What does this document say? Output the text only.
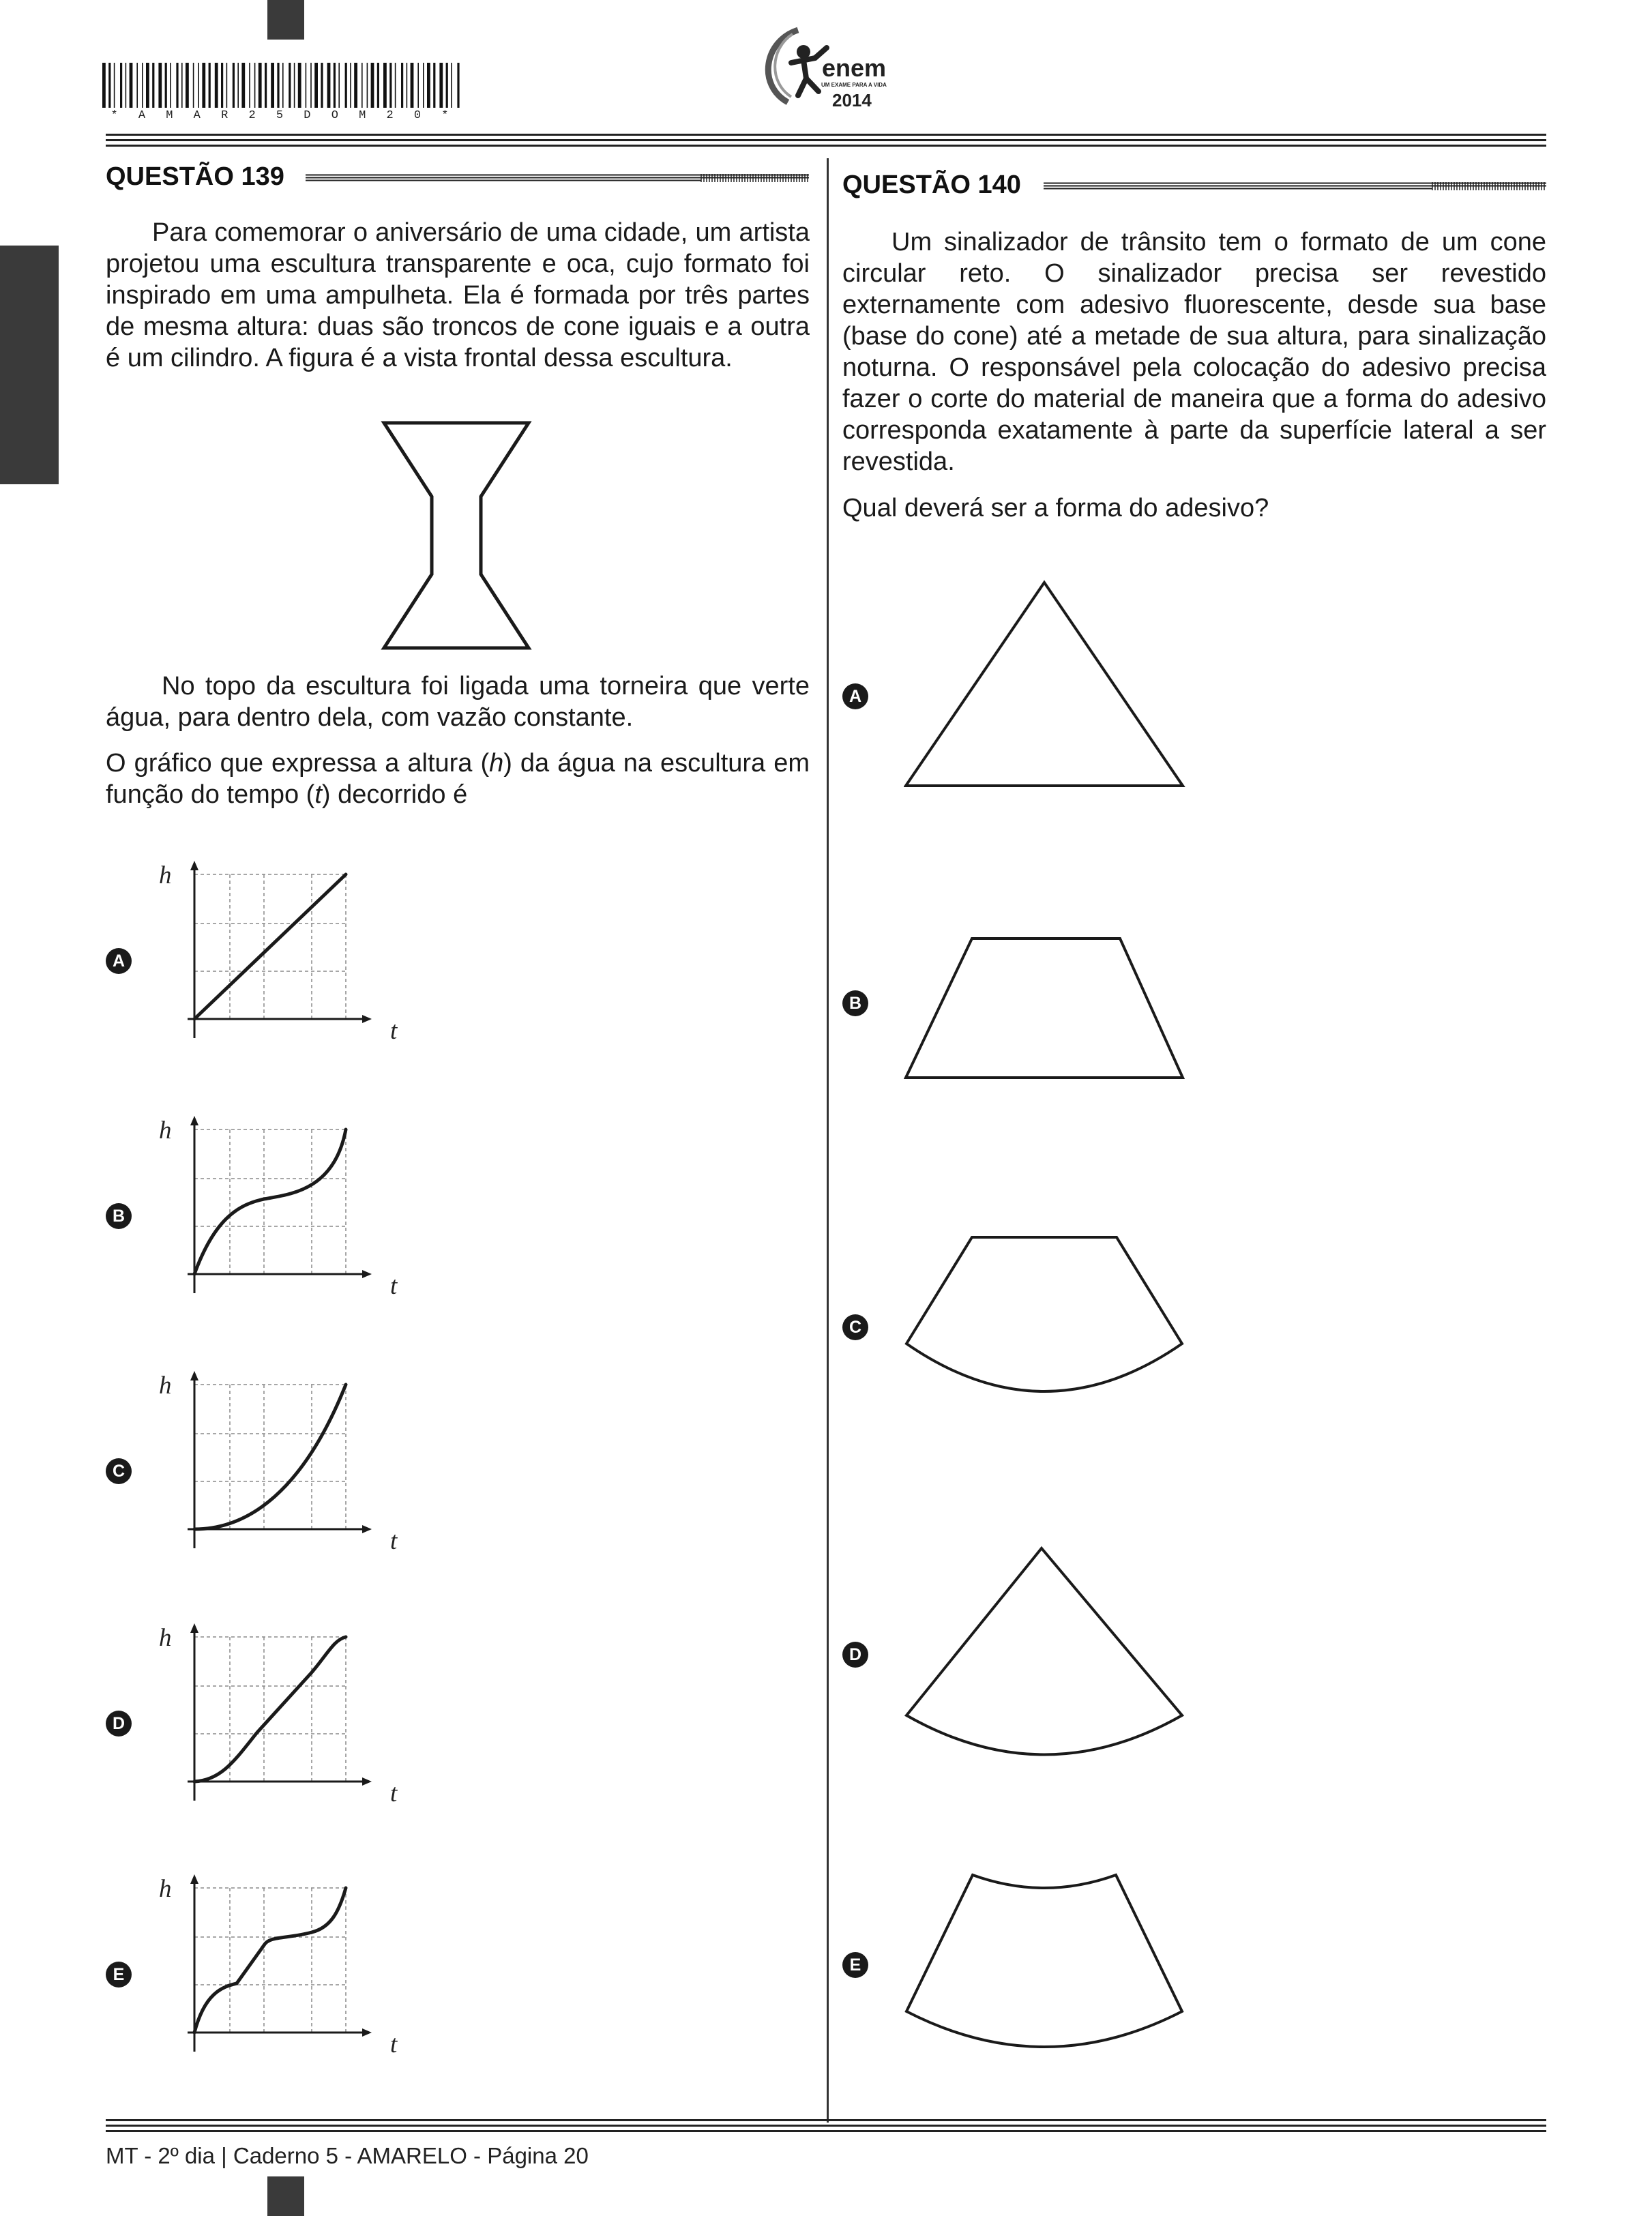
* A M A R 2 5 D O M 2 0 *
enem
UM EXAME PARA A VIDA
2014
QUESTÃO 139
Para comemorar o aniversário de uma cidade, um artista projetou uma escultura transparente e oca, cujo formato foi inspirado em uma ampulheta. Ela é formada por três partes de mesma altura: duas são troncos de cone iguais e a outra é um cilindro. A figura é a vista frontal dessa escultura.

No topo da escultura foi ligada uma torneira que verte água, para dentro dela, com vazão constante.

O gráfico que expressa a altura (h) da água na escultura em função do tempo (t) decorrido é

A
h
t
B
h
t
C
h
t
D
h
t
E
h
t
QUESTÃO 140
Um sinalizador de trânsito tem o formato de um cone circular reto. O sinalizador precisa ser revestido externamente com adesivo fluorescente, desde sua base (base do cone) até a metade de sua altura, para sinalização noturna. O responsável pela colocação do adesivo precisa fazer o corte do material de maneira que a forma do adesivo corresponda exatamente à parte da superfície lateral a ser revestida.
Qual deverá ser a forma do adesivo?
A
B
C
D
E
MT - 2º dia | Caderno 5 - AMARELO - Página 20
